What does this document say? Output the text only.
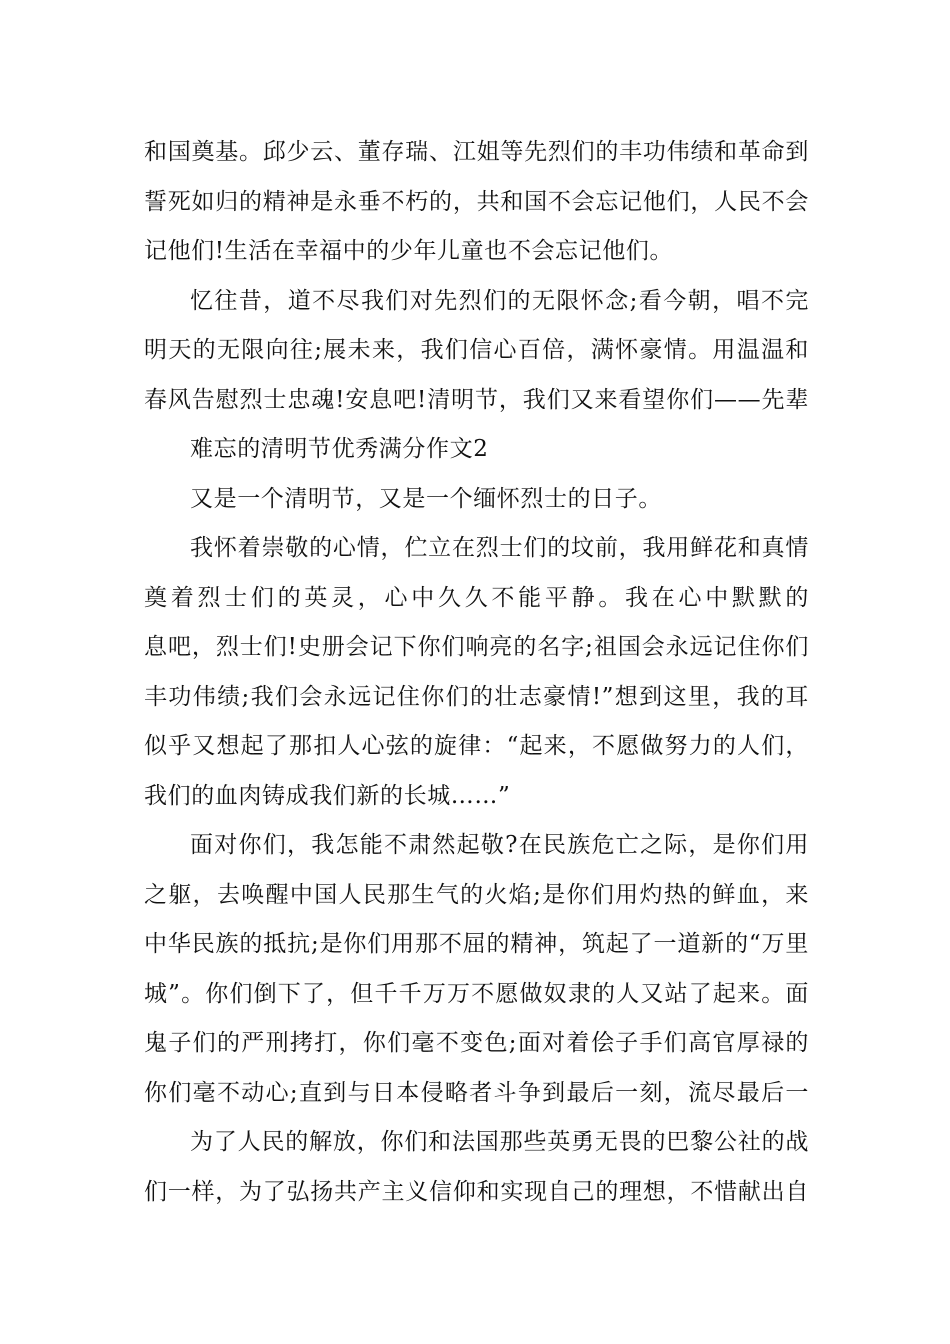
和国奠基。邱少云、董存瑞、江姐等先烈们的丰功伟绩和革命到
誓死如归的精神是永垂不朽的，共和国不会忘记他们，人民不会
记他们!生活在幸福中的少年儿童也不会忘记他们。
忆往昔，道不尽我们对先烈们的无限怀念;看今朝，唱不完
明天的无限向往;展未来，我们信心百倍，满怀豪情。用温温和
春风告慰烈士忠魂!安息吧!清明节，我们又来看望你们——先辈
难忘的清明节优秀满分作文2
又是一个清明节，又是一个缅怀烈士的日子。
我怀着崇敬的心情，伫立在烈士们的坟前，我用鲜花和真情
奠着烈士们的英灵，心中久久不能平静。我在心中默默的
息吧，烈士们!史册会记下你们响亮的名字;祖国会永远记住你们
丰功伟绩;我们会永远记住你们的壮志豪情!”想到这里，我的耳
似乎又想起了那扣人心弦的旋律：“起来，不愿做努力的人们，
我们的血肉铸成我们新的长城……”
面对你们，我怎能不肃然起敬?在民族危亡之际，是你们用
之躯，去唤醒中国人民那生气的火焰;是你们用灼热的鲜血，来
中华民族的抵抗;是你们用那不屈的精神，筑起了一道新的“万里
城”。你们倒下了，但千千万万不愿做奴隶的人又站了起来。面
鬼子们的严刑拷打，你们毫不变色;面对着侩子手们高官厚禄的
你们毫不动心;直到与日本侵略者斗争到最后一刻，流尽最后一
为了人民的解放，你们和法国那些英勇无畏的巴黎公社的战
们一样，为了弘扬共产主义信仰和实现自己的理想，不惜献出自
